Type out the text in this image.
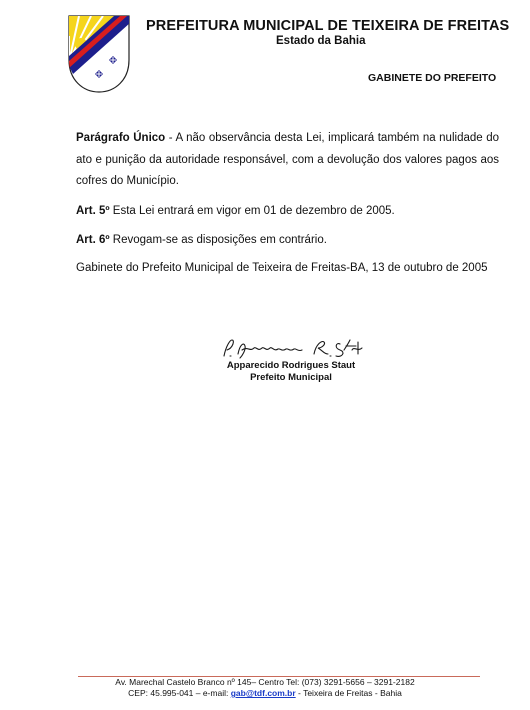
PREFEITURA MUNICIPAL DE TEIXEIRA DE FREITAS
Estado da Bahia
GABINETE DO PREFEITO
Parágrafo Único - A não observância desta Lei, implicará também na nulidade do ato e punição da autoridade responsável, com a devolução dos valores pagos aos cofres do Município.
Art. 5º Esta Lei entrará em vigor em 01 de dezembro de 2005.
Art. 6º Revogam-se as disposições em contrário.
Gabinete do Prefeito Municipal de Teixeira de Freitas-BA, 13 de outubro de 2005
Apparecido Rodrigues Staut
Prefeito Municipal
Av. Marechal Castelo Branco nº 145– Centro Tel: (073) 3291-5656 – 3291-2182
CEP: 45.995-041 – e-mail: gab@tdf.com.br - Teixeira de Freitas - Bahia
